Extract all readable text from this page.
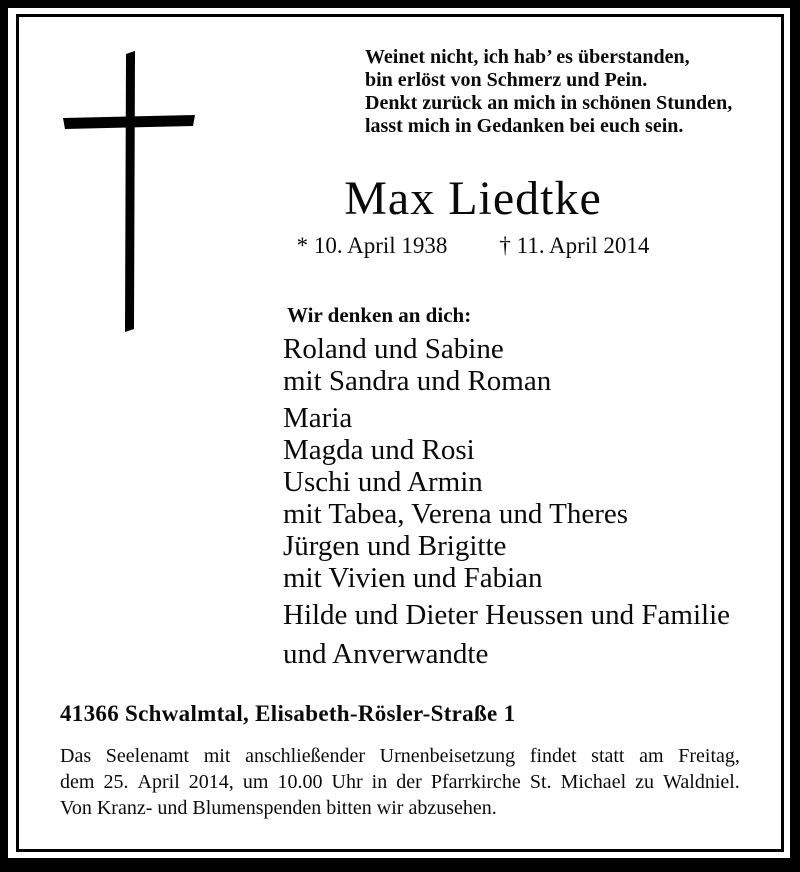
Weinet nicht, ich hab’ es überstanden,
bin erlöst von Schmerz und Pein.
Denkt zurück an mich in schönen Stunden,
lasst mich in Gedanken bei euch sein.
Max Liedtke
* 10. April 1938 † 11. April 2014
Wir denken an dich:
Roland und Sabine
mit Sandra und Roman
Maria
Magda und Rosi
Uschi und Armin
mit Tabea, Verena und Theres
Jürgen und Brigitte
mit Vivien und Fabian
Hilde und Dieter Heussen und Familie
und Anverwandte
41366 Schwalmtal, Elisabeth-Rösler-Straße 1
Das Seelenamt mit anschließender Urnenbeisetzung findet statt am Freitag,
dem 25. April 2014, um 10.00 Uhr in der Pfarrkirche St. Michael zu Waldniel.
Von Kranz- und Blumenspenden bitten wir abzusehen.
